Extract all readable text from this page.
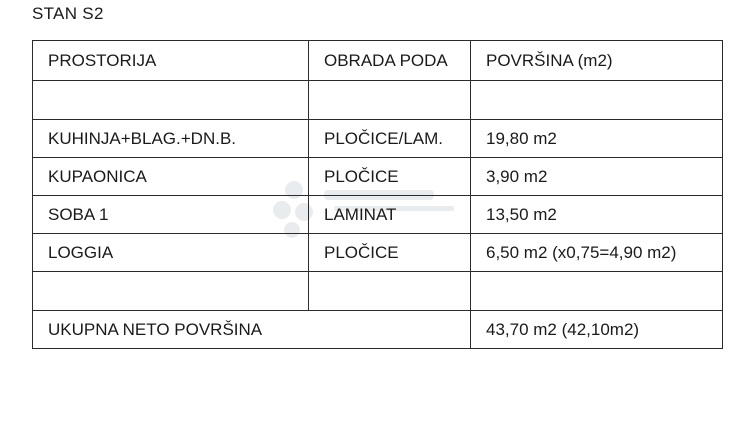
STAN S2
PROSTORIJA	OBRADA PODA	POVRŠINA (m2)

KUHINJA+BLAG.+DN.B.	PLOČICE/LAM.	19,80 m2
KUPAONICA	PLOČICE	3,90 m2
SOBA 1	LAMINAT	13,50 m2
LOGGIA	PLOČICE	6,50 m2 (x0,75=4,90 m2)

UKUPNA NETO POVRŠINA		43,70 m2 (42,10m2)
